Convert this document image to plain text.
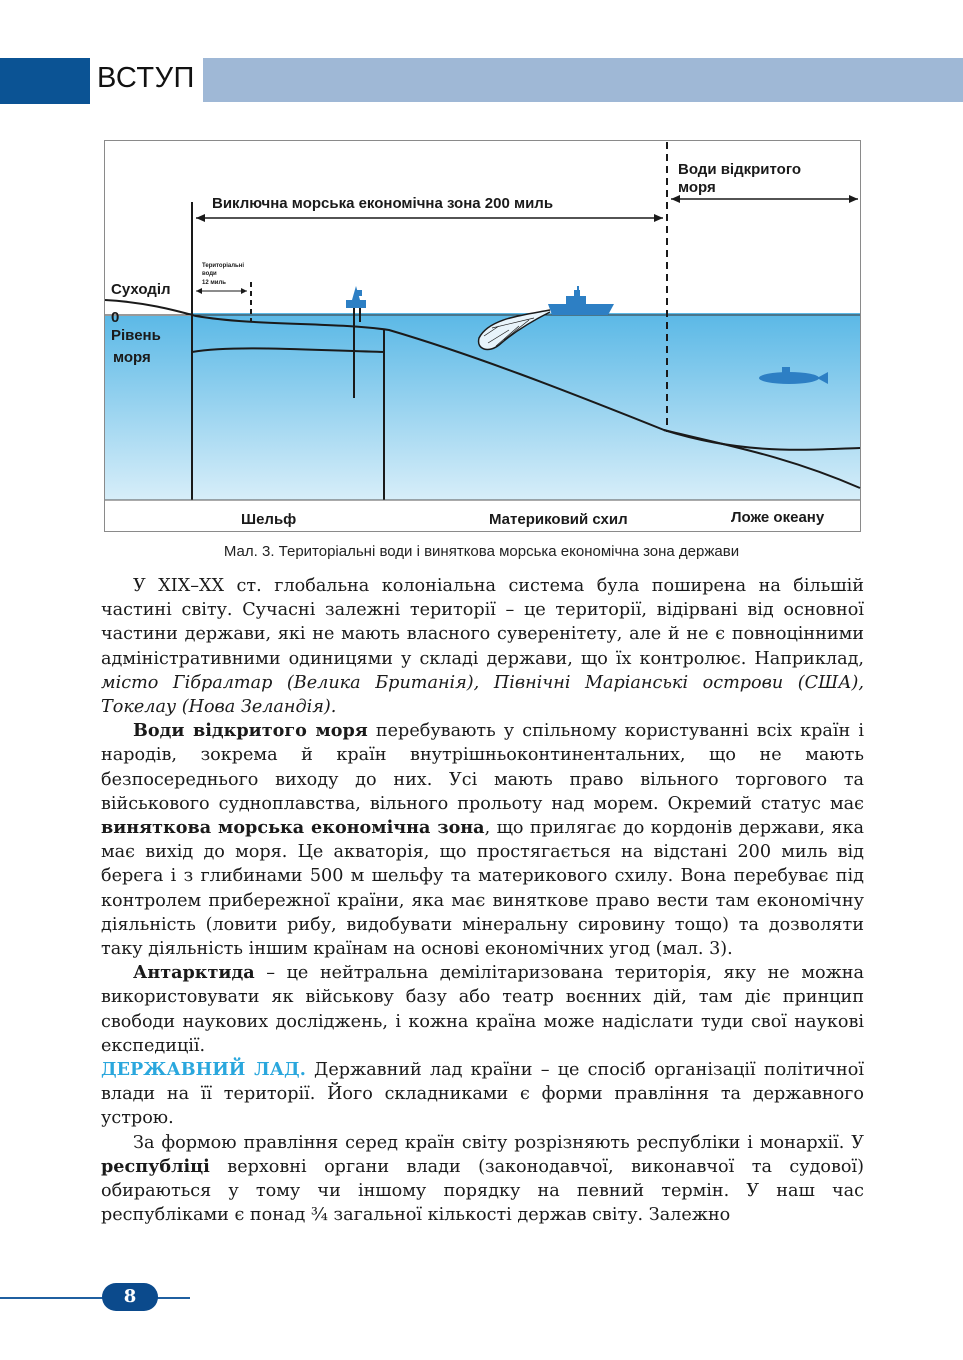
ВСТУП
Води відкритого
моря
Виключна морська економічна зона 200 миль
Територіальні
води
12 миль
Суходіл
0
Рівень
моря
Шельф	Материковий схил	Ложе океану
Мал. 3. Територіальні води і виняткова морська економічна зона держави

У XIX–XX ст. глобальна колоніальна система була поширена на більшій частині світу. Сучасні залежні території – це території, відірвані від основної частини держави, які не мають власного суверенітету, але й не є повноцінними адміністративними одиницями у складі держави, що їх контролює. Наприклад, місто Гібралтар (Велика Британія), Північні Маріанські острови (США), Токелау (Нова Зеландія).

Води відкритого моря перебувають у спільному користуванні всіх країн і народів, зокрема й країн внутрішньоконтинентальних, що не мають безпосереднього виходу до них. Усі мають право вільного торгового та військового судноплавства, вільного прольоту над морем. Окремий статус має виняткова морська економічна зона, що прилягає до кордонів держави, яка має вихід до моря. Це акваторія, що простягається на відстані 200 миль від берега і з глибинами 500 м шельфу та материкового схилу. Вона перебуває під контролем прибережної країни, яка має виняткове право вести там економічну діяльність (ловити рибу, видобувати мінеральну сировину тощо) та дозволяти таку діяльність іншим країнам на основі економічних угод (мал. 3).

Антарктида – це нейтральна демілітаризована територія, яку не можна використовувати як військову базу або театр воєнних дій, там діє принцип свободи наукових досліджень, і кожна країна може надіслати туди свої наукові експедиції.

ДЕРЖАВНИЙ ЛАД. Державний лад країни – це спосіб організації політичної влади на її території. Його складниками є форми правління та державного устрою.

За формою правління серед країн світу розрізняють республіки і монархії. У республіці верховні органи влади (законодавчої, виконавчої та судової) обираються у тому чи іншому порядку на певний термін. У наш час республіками є понад ¾ загальної кількості держав світу. Залежно

8
